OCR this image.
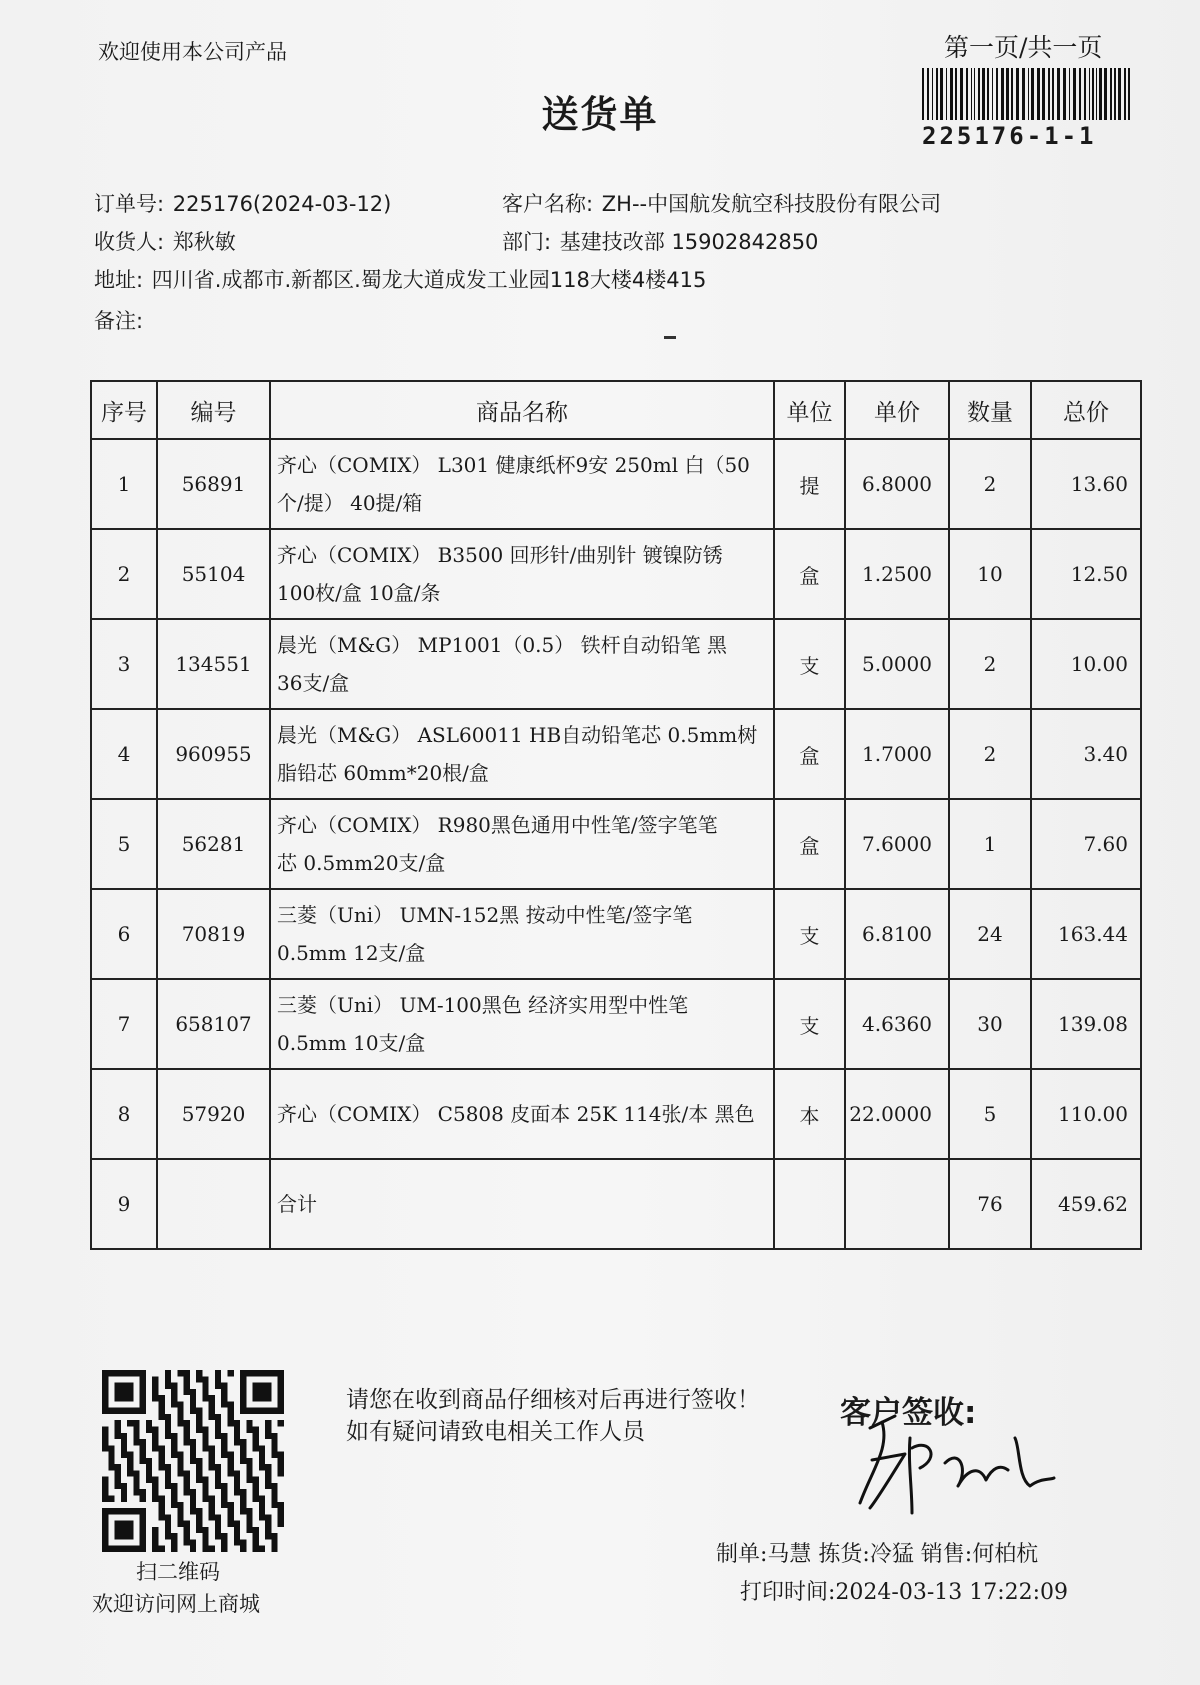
欢迎使用本公司产品	第一页/共一页
225176-1-1
送货单
订单号: 225176(2024-03-12)	客户名称: ZH--中国航发航空科技股份有限公司
收货人: 郑秋敏	部门: 基建技改部 15902842850
地址: 四川省.成都市.新都区.蜀龙大道成发工业园118大楼4楼415
备注:
序号	编号	商品名称	单位	单价	数量	总价
1	56891	齐心（COMIX） L301 健康纸杯9安 250ml 白（50
个/提） 40提/箱	提	6.8000	2	13.60
2	55104	齐心（COMIX） B3500 回形针/曲别针 镀镍防锈
100枚/盒 10盒/条	盒	1.2500	10	12.50
3	134551	晨光（M&G） MP1001（0.5） 铁杆自动铅笔 黑
36支/盒	支	5.0000	2	10.00
4	960955	晨光（M&G） ASL60011 HB自动铅笔芯 0.5mm树
脂铅芯 60mm*20根/盒	盒	1.7000	2	3.40
5	56281	齐心（COMIX） R980黑色通用中性笔/签字笔笔
芯 0.5mm20支/盒	盒	7.6000	1	7.60
6	70819	三菱（Uni） UMN-152黑 按动中性笔/签字笔
0.5mm 12支/盒	支	6.8100	24	163.44
7	658107	三菱（Uni） UM-100黑色 经济实用型中性笔
0.5mm 10支/盒	支	4.6360	30	139.08
8	57920	齐心（COMIX） C5808 皮面本 25K 114张/本 黑色	本	22.0000	5	110.00
9		合计			76	459.62
扫二维码
欢迎访问网上商城
请您在收到商品仔细核对后再进行签收！如有疑问请致电相关工作人员
客户签收:
制单:马慧 拣货:冷猛 销售:何柏杭
打印时间:2024-03-13 17:22:09
